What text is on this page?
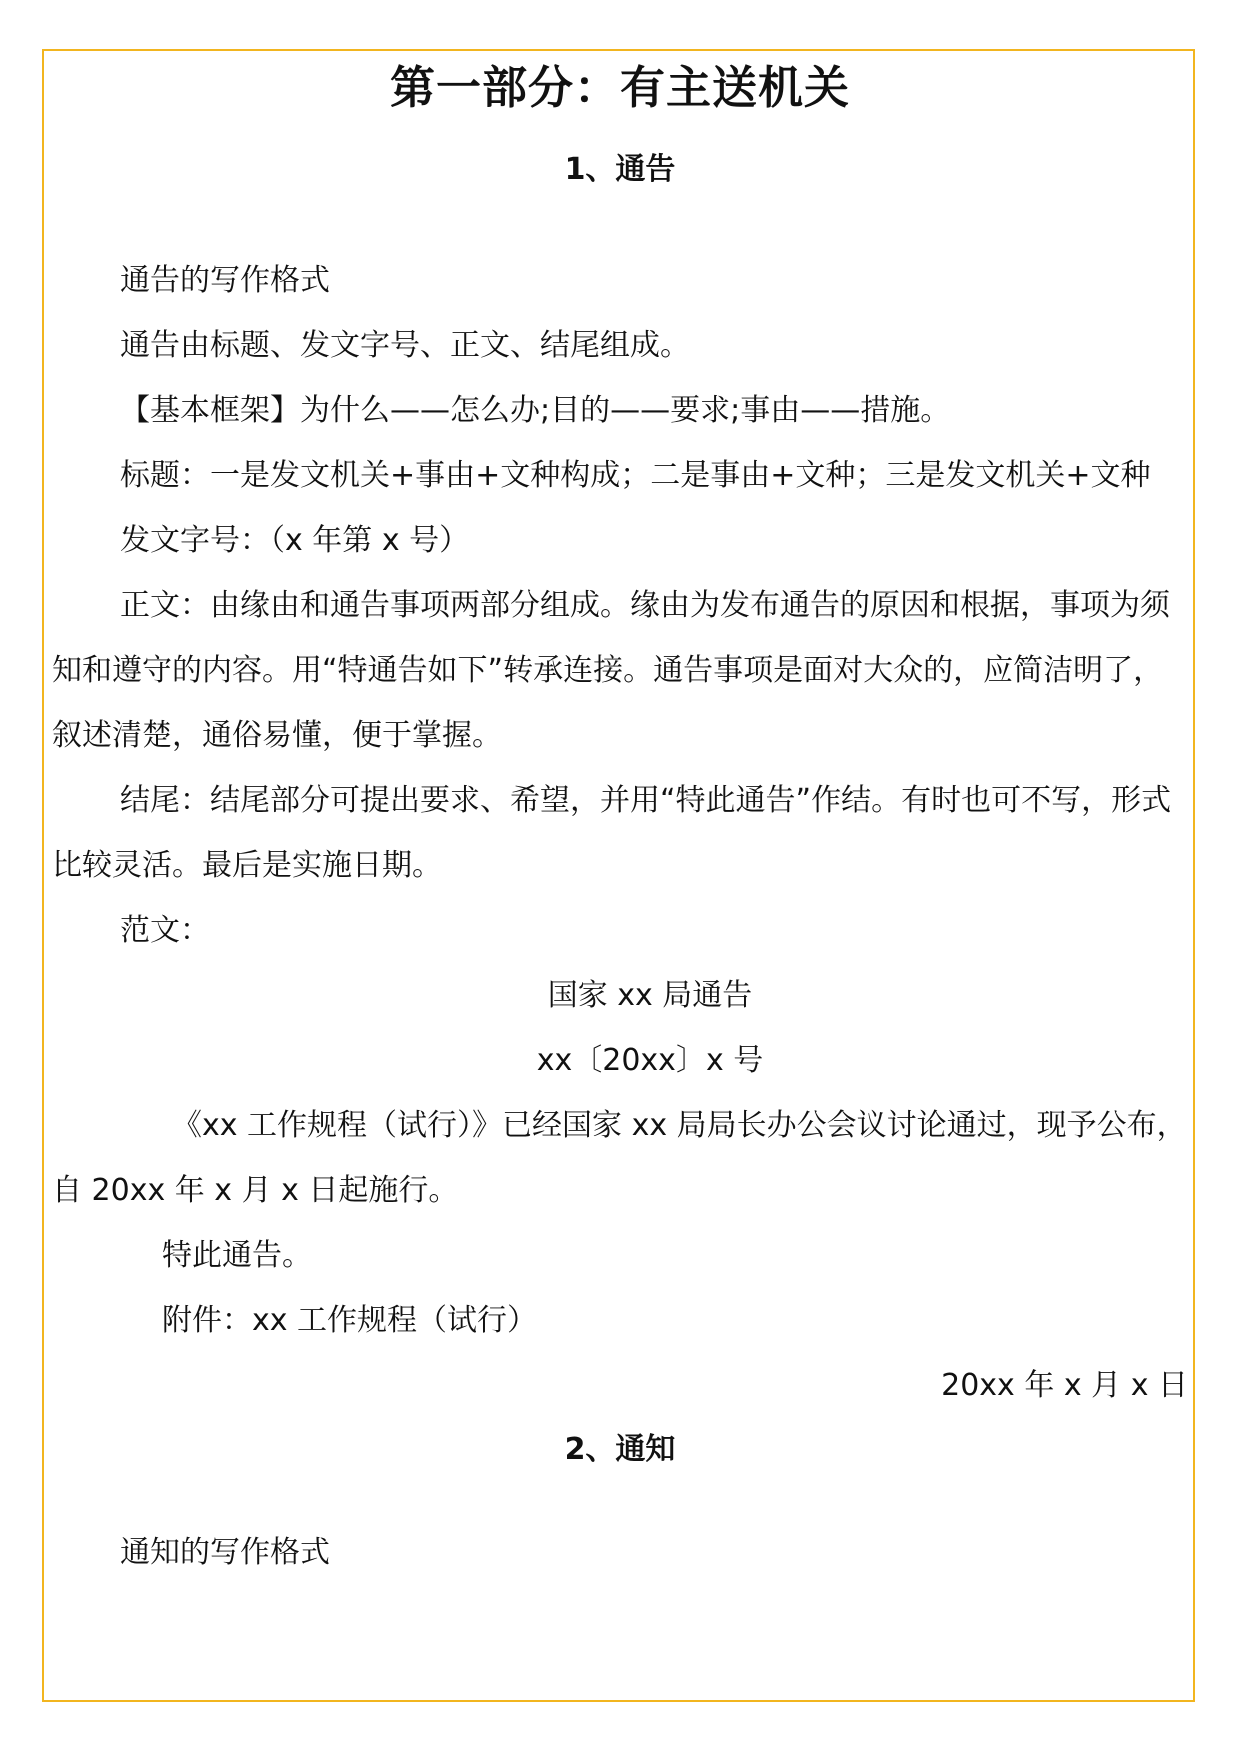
第一部分：有主送机关
1、通告

通告的写作格式

通告由标题、发文字号、正文、结尾组成。

【基本框架】为什么——怎么办;目的——要求;事由——措施。

标题：一是发文机关+事由+文种构成；二是事由+文种；三是发文机关+文种

发文字号：（x 年第 x 号）

正文：由缘由和通告事项两部分组成。缘由为发布通告的原因和根据，事项为须知和遵守的内容。用“特通告如下”转承连接。通告事项是面对大众的，应简洁明了，叙述清楚，通俗易懂，便于掌握。

结尾：结尾部分可提出要求、希望，并用“特此通告”作结。有时也可不写，形式比较灵活。最后是实施日期。

范文：

国家 xx 局通告

xx〔20xx〕x 号

《xx 工作规程（试行）》已经国家 xx 局局长办公会议讨论通过，现予公布，自 20xx 年 x 月 x 日起施行。

特此通告。

附件：xx 工作规程（试行）

20xx 年 x 月 x 日

2、通知

通知的写作格式
